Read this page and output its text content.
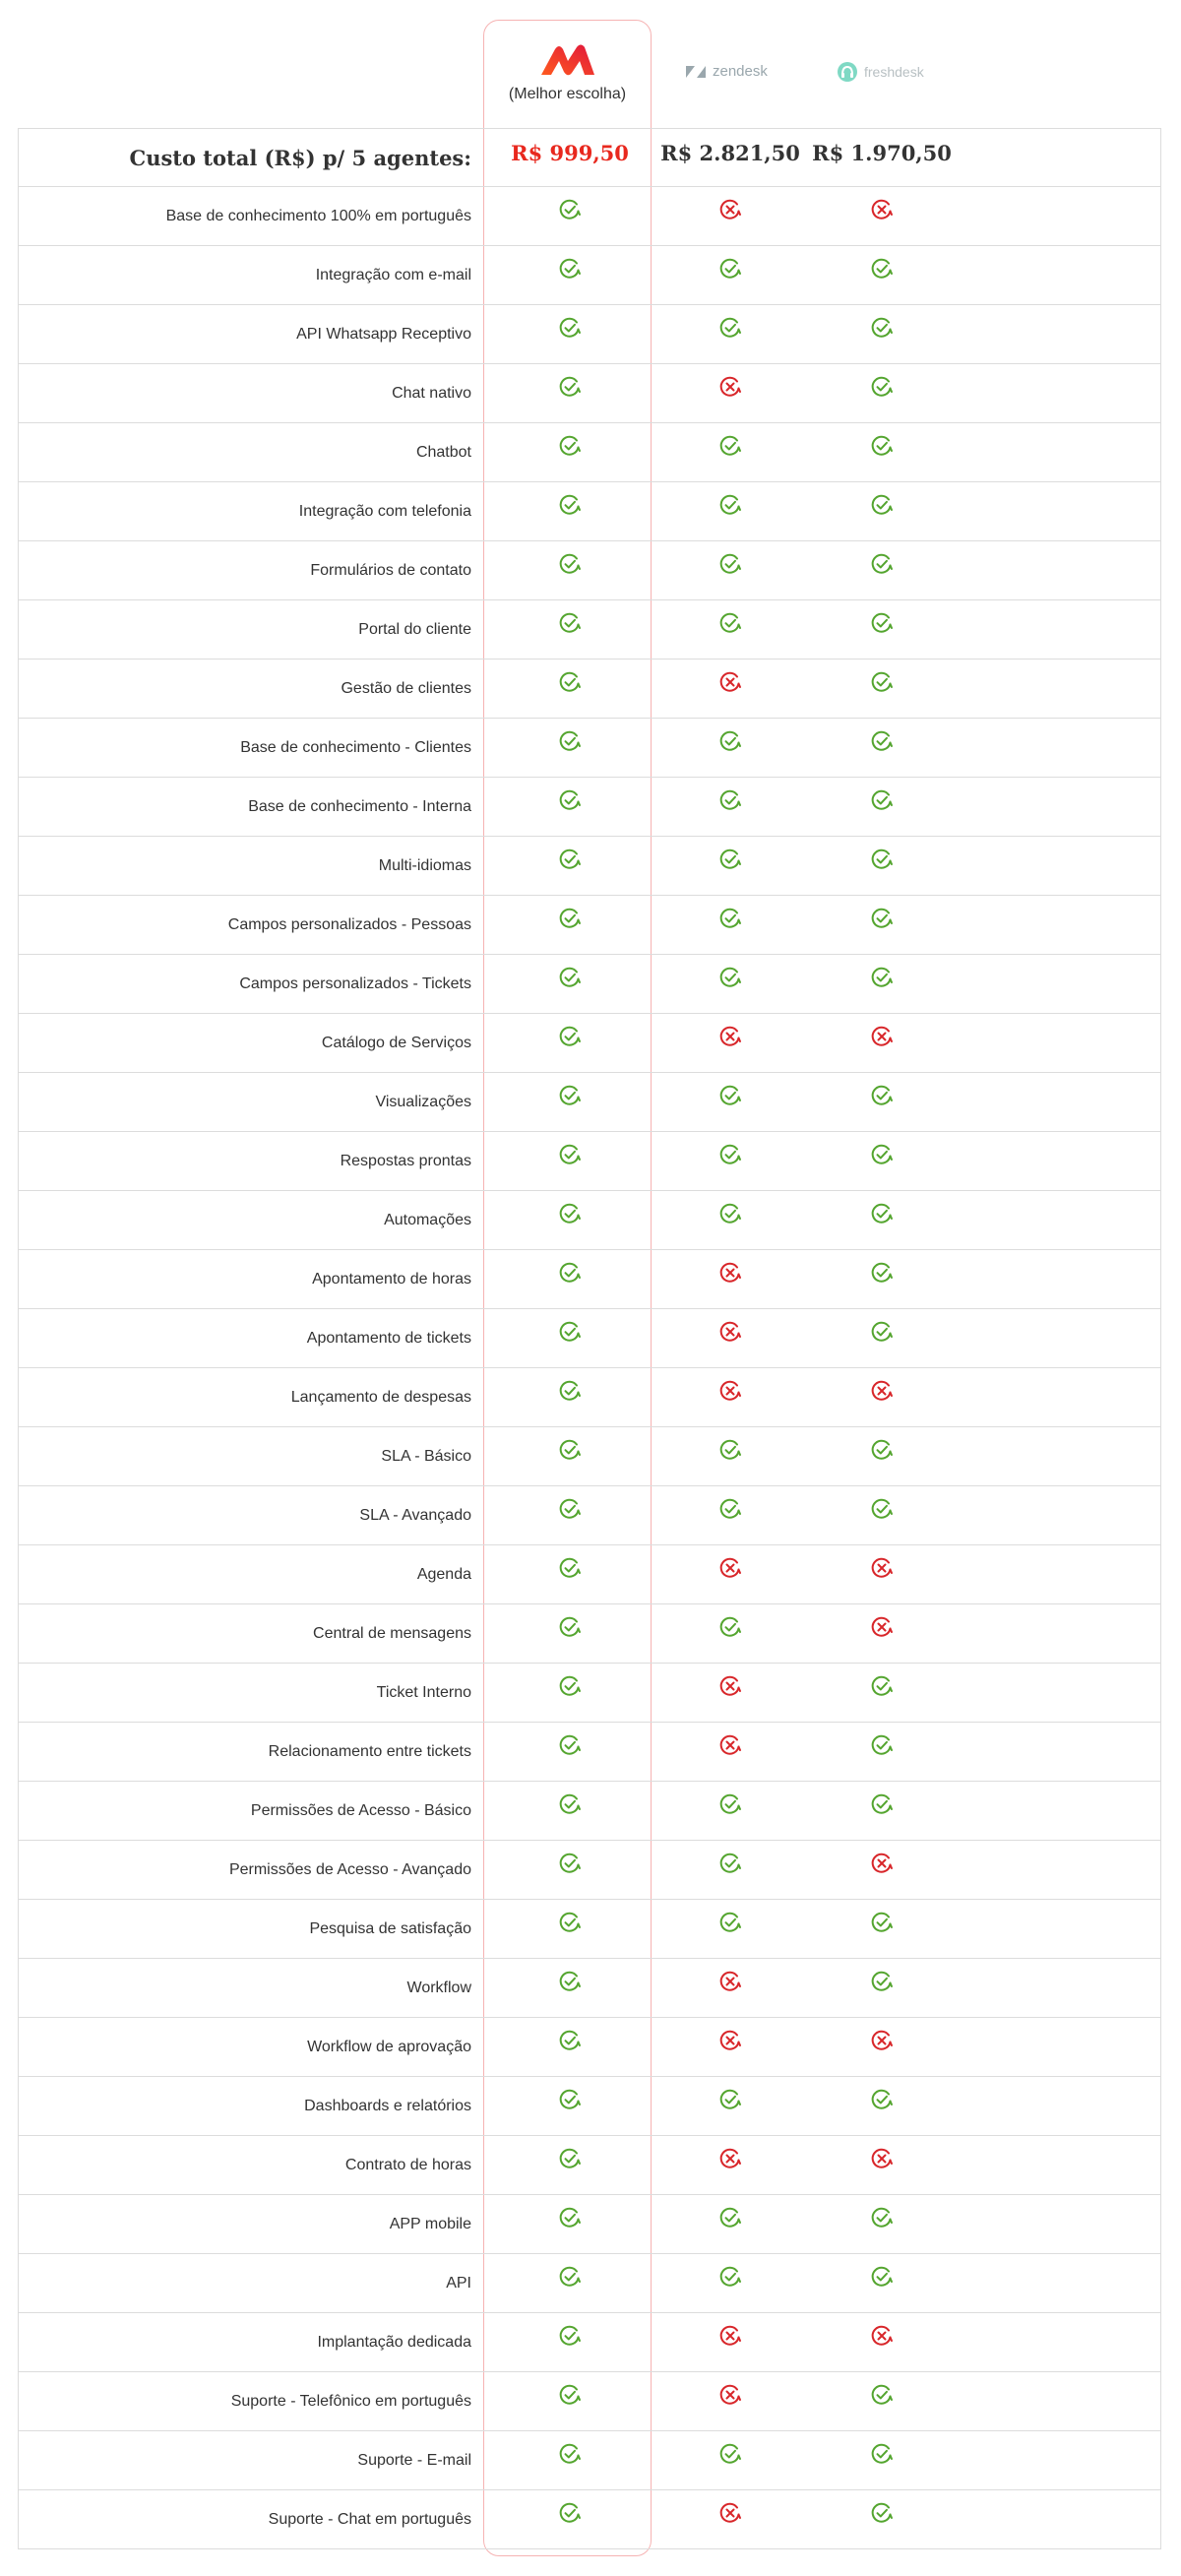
(Melhor escolha)
zendesk	freshdesk
Custo total (R$) p/ 5 agentes: R$ 999,50 R$ 2.821,50 R$ 1.970,50
Base de conhecimento 100% em português
Integração com e-mail
API Whatsapp Receptivo
Chat nativo
Chatbot
Integração com telefonia
Formulários de contato
Portal do cliente
Gestão de clientes
Base de conhecimento - Clientes
Base de conhecimento - Interna
Multi-idiomas
Campos personalizados - Pessoas
Campos personalizados - Tickets
Catálogo de Serviços
Visualizações
Respostas prontas
Automações
Apontamento de horas
Apontamento de tickets
Lançamento de despesas
SLA - Básico
SLA - Avançado
Agenda
Central de mensagens
Ticket Interno
Relacionamento entre tickets
Permissões de Acesso - Básico
Permissões de Acesso - Avançado
Pesquisa de satisfação
Workflow
Workflow de aprovação
Dashboards e relatórios
Contrato de horas
APP mobile
API
Implantação dedicada
Suporte - Telefônico em português
Suporte - E-mail
Suporte - Chat em português
